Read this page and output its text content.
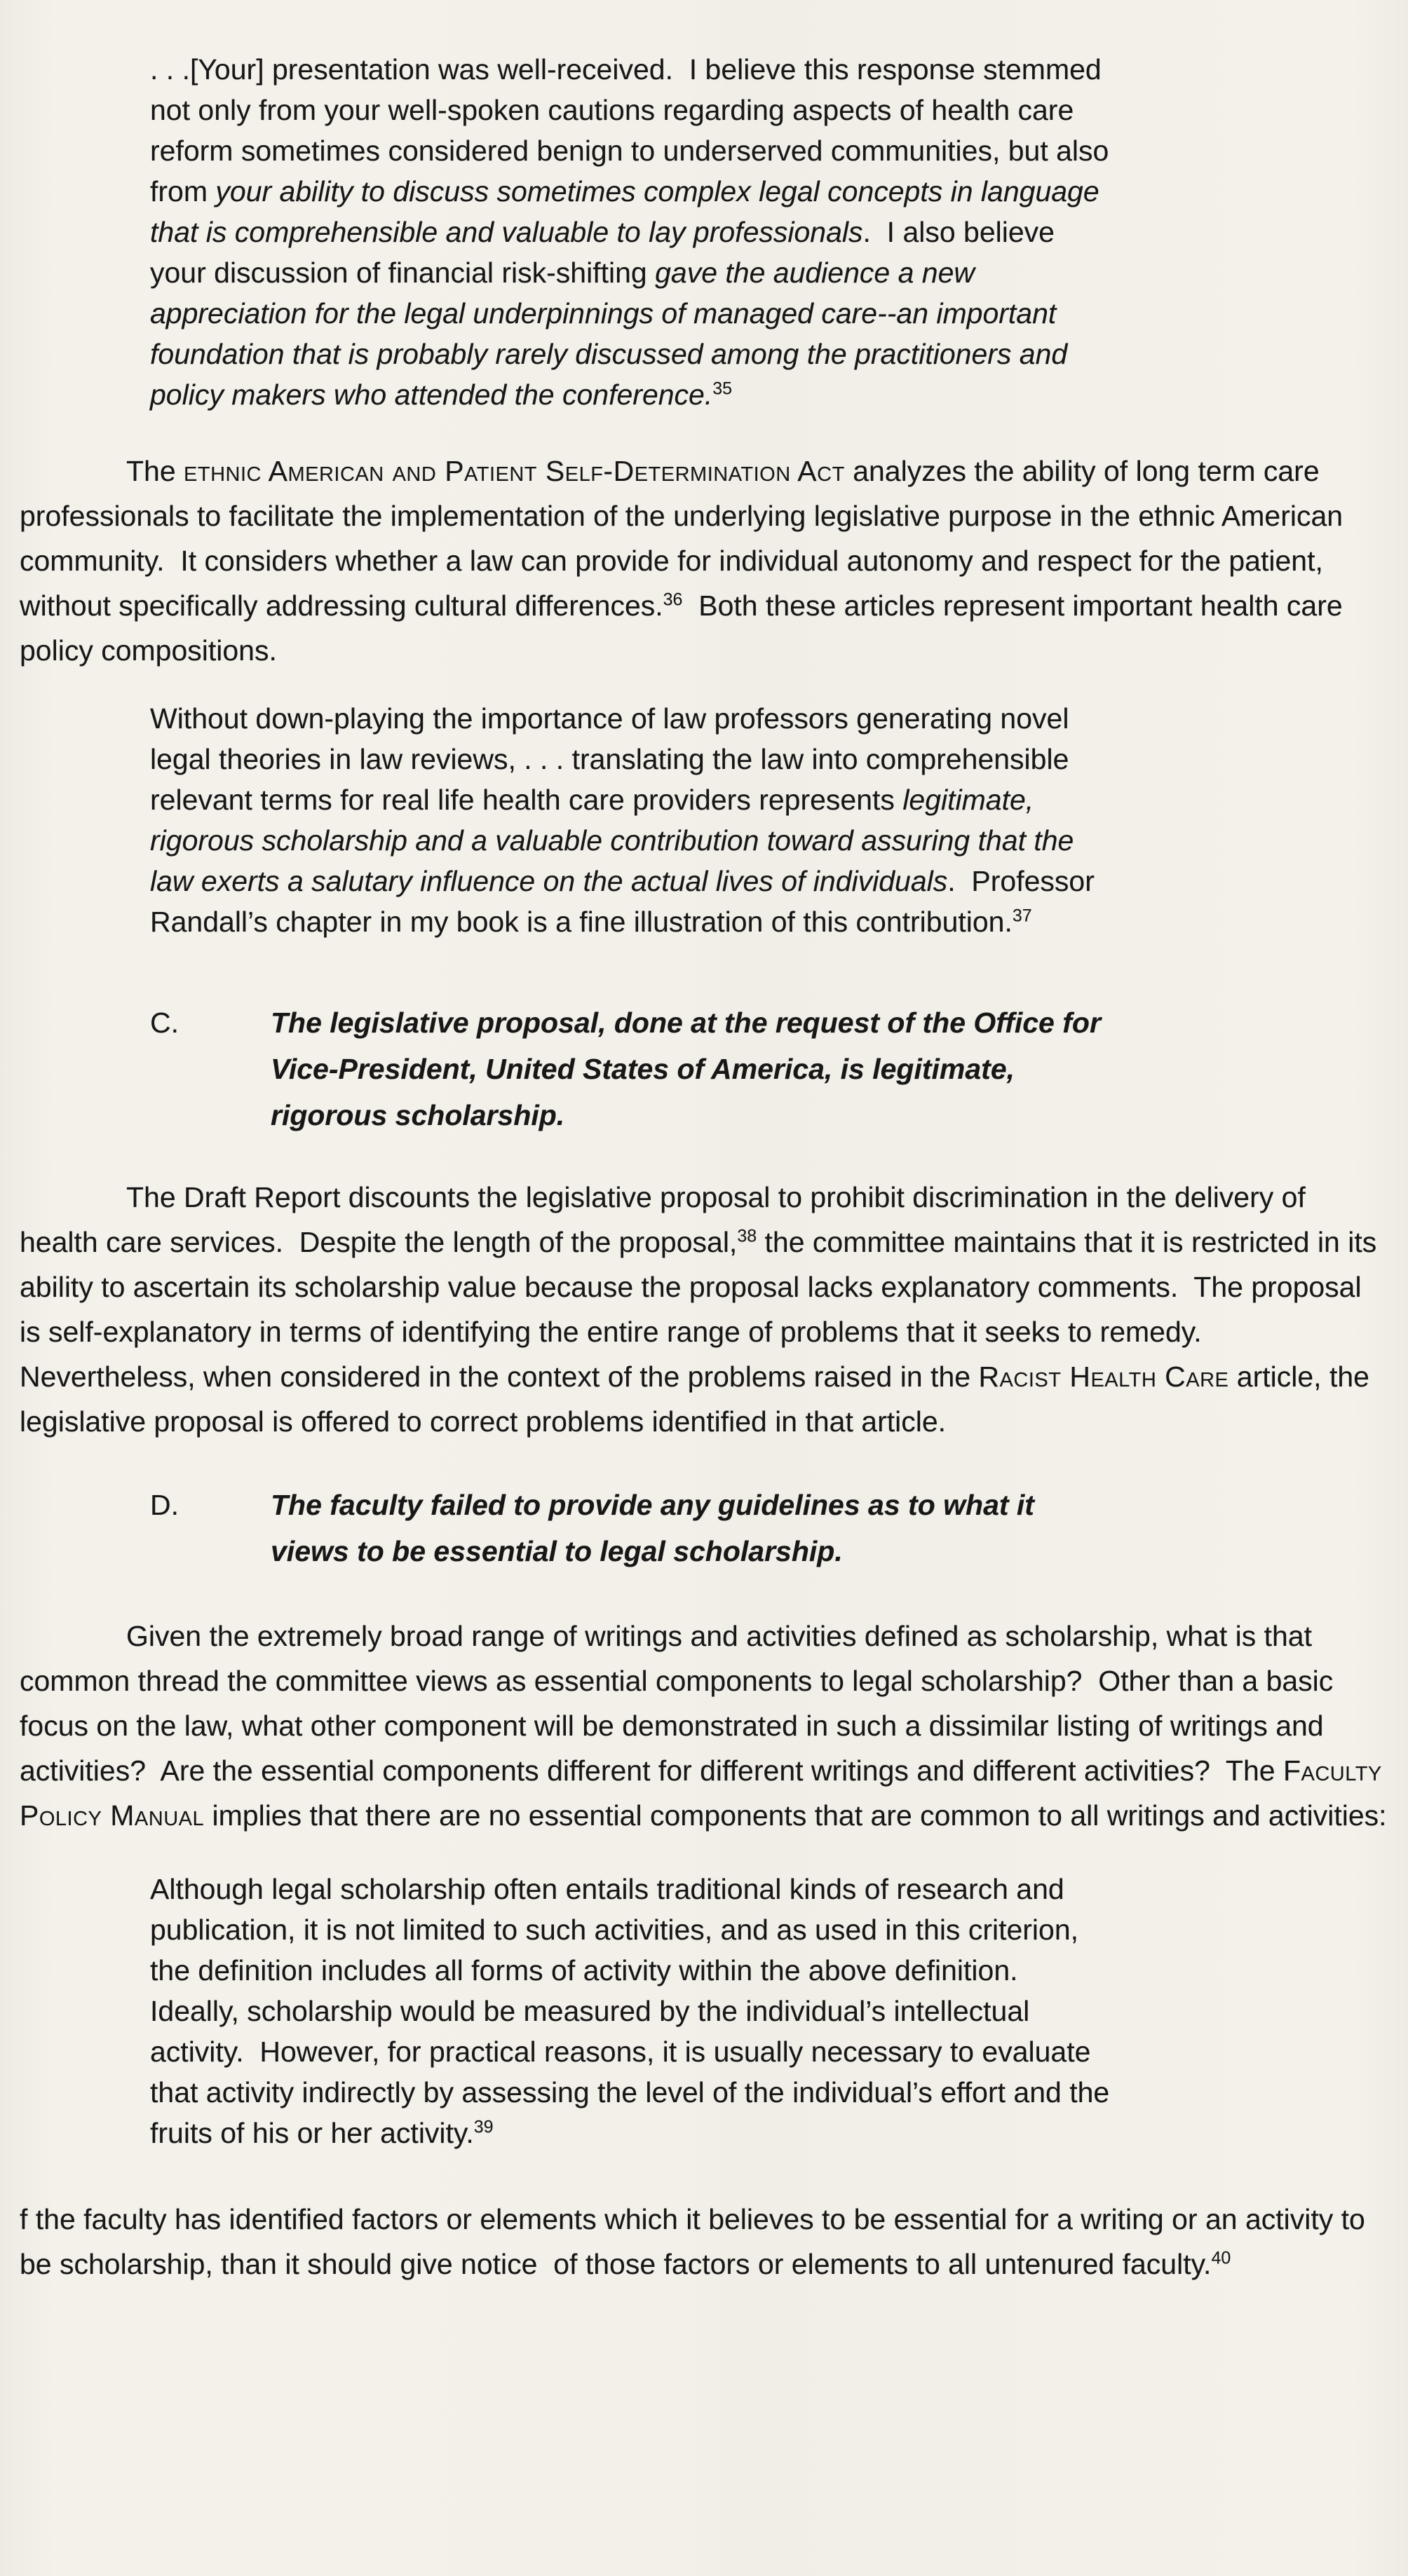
. . .[Your] presentation was well-received.  I believe this response stemmed not only from your well-spoken cautions regarding aspects of health care reform sometimes considered benign to underserved communities, but also from your ability to discuss sometimes complex legal concepts in language that is comprehensible and valuable to lay professionals.  I also believe your discussion of financial risk-shifting gave the audience a new appreciation for the legal underpinnings of managed care--an important foundation that is probably rarely discussed among the practitioners and policy makers who attended the conference.$^{35}$

The ethnic American and Patient Self-Determination Act analyzes the ability of long term care professionals to facilitate the implementation of the underlying legislative purpose in the ethnic American community.  It considers whether a law can provide for individual autonomy and respect for the patient, without specifically addressing cultural differences.$^{36}$  Both these articles represent important health care policy compositions.

Without down-playing the importance of law professors generating novel legal theories in law reviews, . . . translating the law into comprehensible relevant terms for real life health care providers represents legitimate, rigorous scholarship and a valuable contribution toward assuring that the law exerts a salutary influence on the actual lives of individuals.  Professor Randall’s chapter in my book is a fine illustration of this contribution.$^{37}$
C.	The legislative proposal, done at the request of the Office for Vice-President, United States of America, is legitimate, rigorous scholarship.

The Draft Report discounts the legislative proposal to prohibit discrimination in the delivery of health care services.  Despite the length of the proposal,$^{38}$ the committee maintains that it is restricted in its ability to ascertain its scholarship value because the proposal lacks explanatory comments.  The proposal is self-explanatory in terms of identifying the entire range of problems that it seeks to remedy.  Nevertheless, when considered in the context of the problems raised in the Racist Health Care article, the legislative proposal is offered to correct problems identified in that article.

D.	The faculty failed to provide any guidelines as to what it views to be essential to legal scholarship.

Given the extremely broad range of writings and activities defined as scholarship, what is that common thread the committee views as essential components to legal scholarship?  Other than a basic focus on the law, what other component will be demonstrated in such a dissimilar listing of writings and activities?  Are the essential components different for different writings and different activities?  The Faculty Policy Manual implies that there are no essential components that are common to all writings and activities:

Although legal scholarship often entails traditional kinds of research and publication, it is not limited to such activities, and as used in this criterion, the definition includes all forms of activity within the above definition.  Ideally, scholarship would be measured by the individual’s intellectual activity.  However, for practical reasons, it is usually necessary to evaluate that activity indirectly by assessing the level of the individual’s effort and the fruits of his or her activity.$^{39}$

f the faculty has identified factors or elements which it believes to be essential for a writing or an activity to be scholarship, than it should give notice  of those factors or elements to all untenured faculty.$^{40}$
